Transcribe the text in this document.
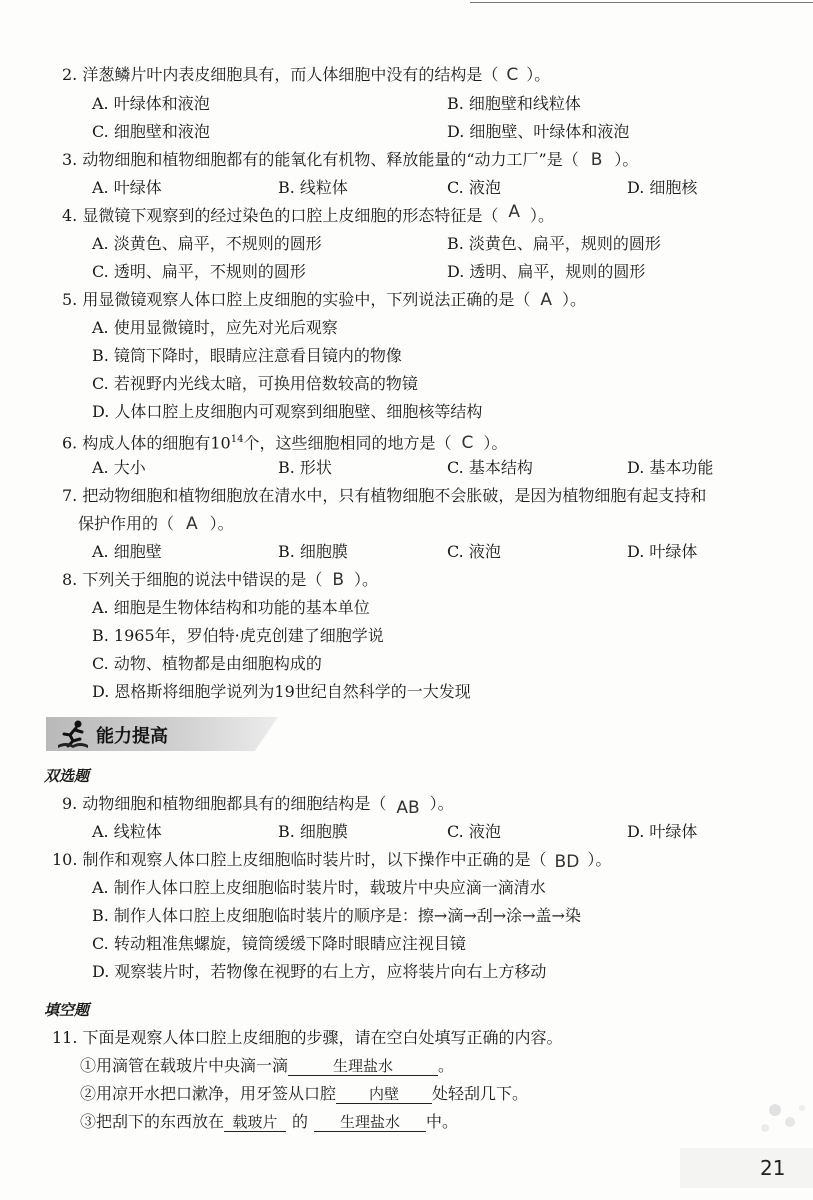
2. 洋葱鳞片叶内表皮细胞具有，而人体细胞中没有的结构是（ C ）。
A. 叶绿体和液泡	B. 细胞壁和线粒体
C. 细胞壁和液泡	D. 细胞壁、叶绿体和液泡
3. 动物细胞和植物细胞都有的能氧化有机物、释放能量的“动力工厂”是（ B ）。
A. 叶绿体	B. 线粒体	C. 液泡	D. 细胞核
4. 显微镜下观察到的经过染色的口腔上皮细胞的形态特征是（ A ）。
A. 淡黄色、扁平，不规则的圆形	B. 淡黄色、扁平，规则的圆形
C. 透明、扁平，不规则的圆形	D. 透明、扁平，规则的圆形
5. 用显微镜观察人体口腔上皮细胞的实验中，下列说法正确的是（ A ）。
A. 使用显微镜时，应先对光后观察
B. 镜筒下降时，眼睛应注意看目镜内的物像
C. 若视野内光线太暗，可换用倍数较高的物镜
D. 人体口腔上皮细胞内可观察到细胞壁、细胞核等结构
6. 构成人体的细胞有$10^{14}$个，这些细胞相同的地方是（ C ）。
A. 大小	B. 形状	C. 基本结构	D. 基本功能
7. 把动物细胞和植物细胞放在清水中，只有植物细胞不会胀破，是因为植物细胞有起支持和
保护作用的（ A ）。
A. 细胞壁	B. 细胞膜	C. 液泡	D. 叶绿体
8. 下列关于细胞的说法中错误的是（ B ）。
A. 细胞是生物体结构和功能的基本单位
B. 1965年，罗伯特·虎克创建了细胞学说
C. 动物、植物都是由细胞构成的
D. 恩格斯将细胞学说列为19世纪自然科学的一大发现
能力提高
双选题
9. 动物细胞和植物细胞都具有的细胞结构是（ AB ）。
A. 线粒体	B. 细胞膜	C. 液泡	D. 叶绿体
10. 制作和观察人体口腔上皮细胞临时装片时，以下操作中正确的是（ BD ）。
A. 制作人体口腔上皮细胞临时装片时，载玻片中央应滴一滴清水
B. 制作人体口腔上皮细胞临时装片的顺序是：擦→滴→刮→涂→盖→染
C. 转动粗准焦螺旋，镜筒缓缓下降时眼睛应注视目镜
D. 观察装片时，若物像在视野的右上方，应将装片向右上方移动
填空题
11. 下面是观察人体口腔上皮细胞的步骤，请在空白处填写正确的内容。
①用滴管在载玻片中央滴一滴	生理盐水	。
②用凉开水把口漱净，用牙签从口腔 内壁 处轻刮几下。
③把刮下的东西放在 载玻片 的 生理盐水 中。
21
